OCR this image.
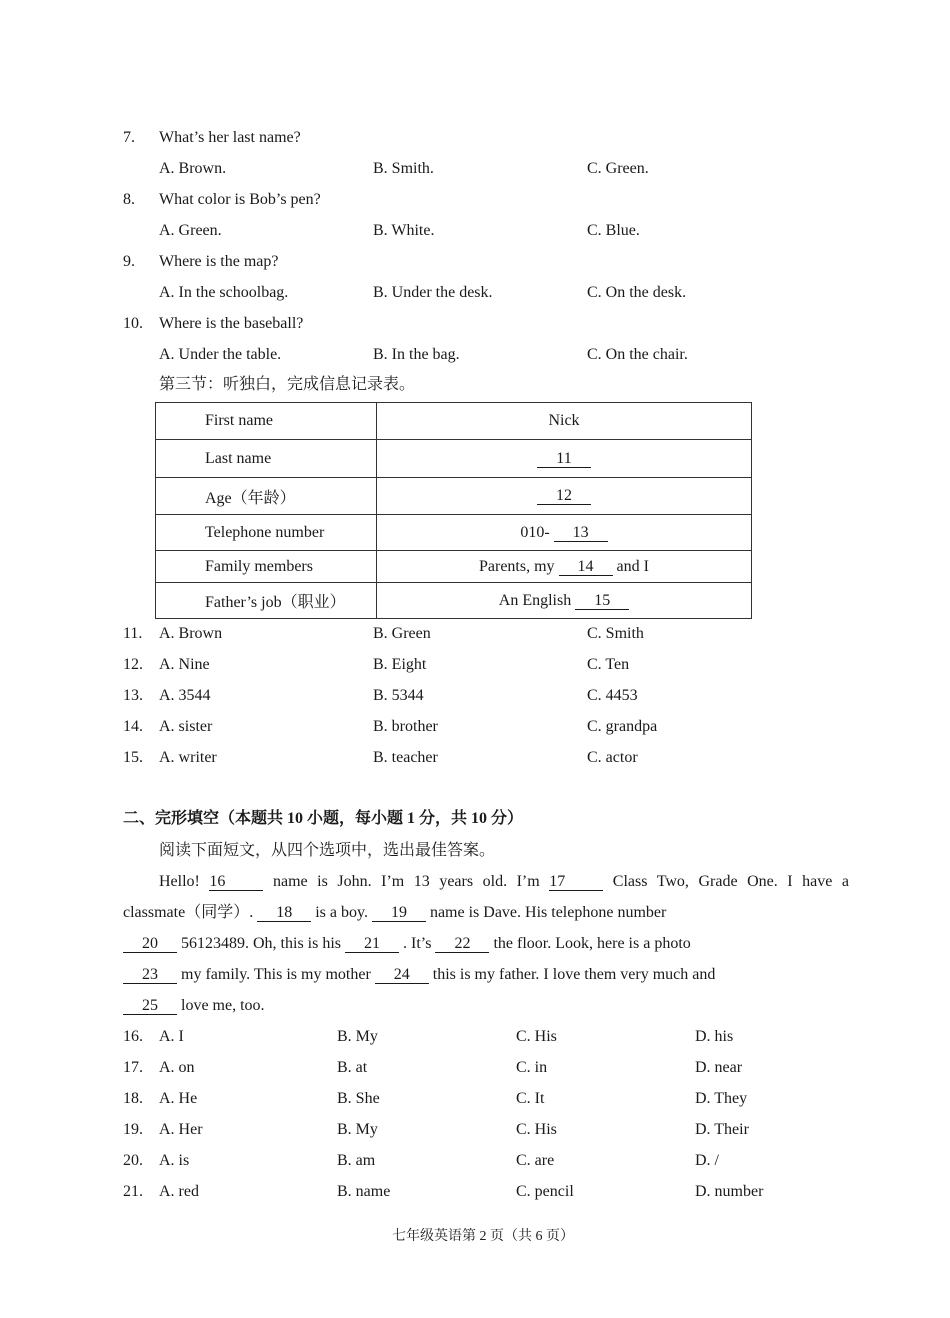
7. What’s her last name?
A. Brown.	B. Smith.	C. Green.
8. What color is Bob’s pen?
A. Green.	B. White.	C. Blue.
9. Where is the map?
A. In the schoolbag.	B. Under the desk.	C. On the desk.
10. Where is the baseball?
A. Under the table.	B. In the bag.	C. On the chair.
第三节：听独白，完成信息记录表。
First name	Nick
Last name	11
Age（年龄）	12
Telephone number	010- 13
Family members	Parents, my 14 and I
Father’s job（职业）	An English 15
11. A. Brown	B. Green	C. Smith
12. A. Nine	B. Eight	C. Ten
13. A. 3544	B. 5344	C. 4453
14. A. sister	B. brother	C. grandpa
15. A. writer	B. teacher	C. actor
二、完形填空（本题共 10 小题，每小题 1 分，共 10 分）
阅读下面短文，从四个选项中，选出最佳答案。
Hello! 16 name is John. I’m 13 years old. I’m 17 Class Two, Grade One. I have a
classmate（同学）. 18 is a boy. 19 name is Dave. His telephone number
20 56123489. Oh, this is his 21 . It’s 22 the floor. Look, here is a photo
23 my family. This is my mother 24 this is my father. I love them very much and
25 love me, too.
16. A. I	B. My	C. His	D. his
17. A. on	B. at	C. in	D. near
18. A. He	B. She	C. It	D. They
19. A. Her	B. My	C. His	D. Their
20. A. is	B. am	C. are	D. /
21. A. red	B. name	C. pencil	D. number
七年级英语第 2 页（共 6 页）
